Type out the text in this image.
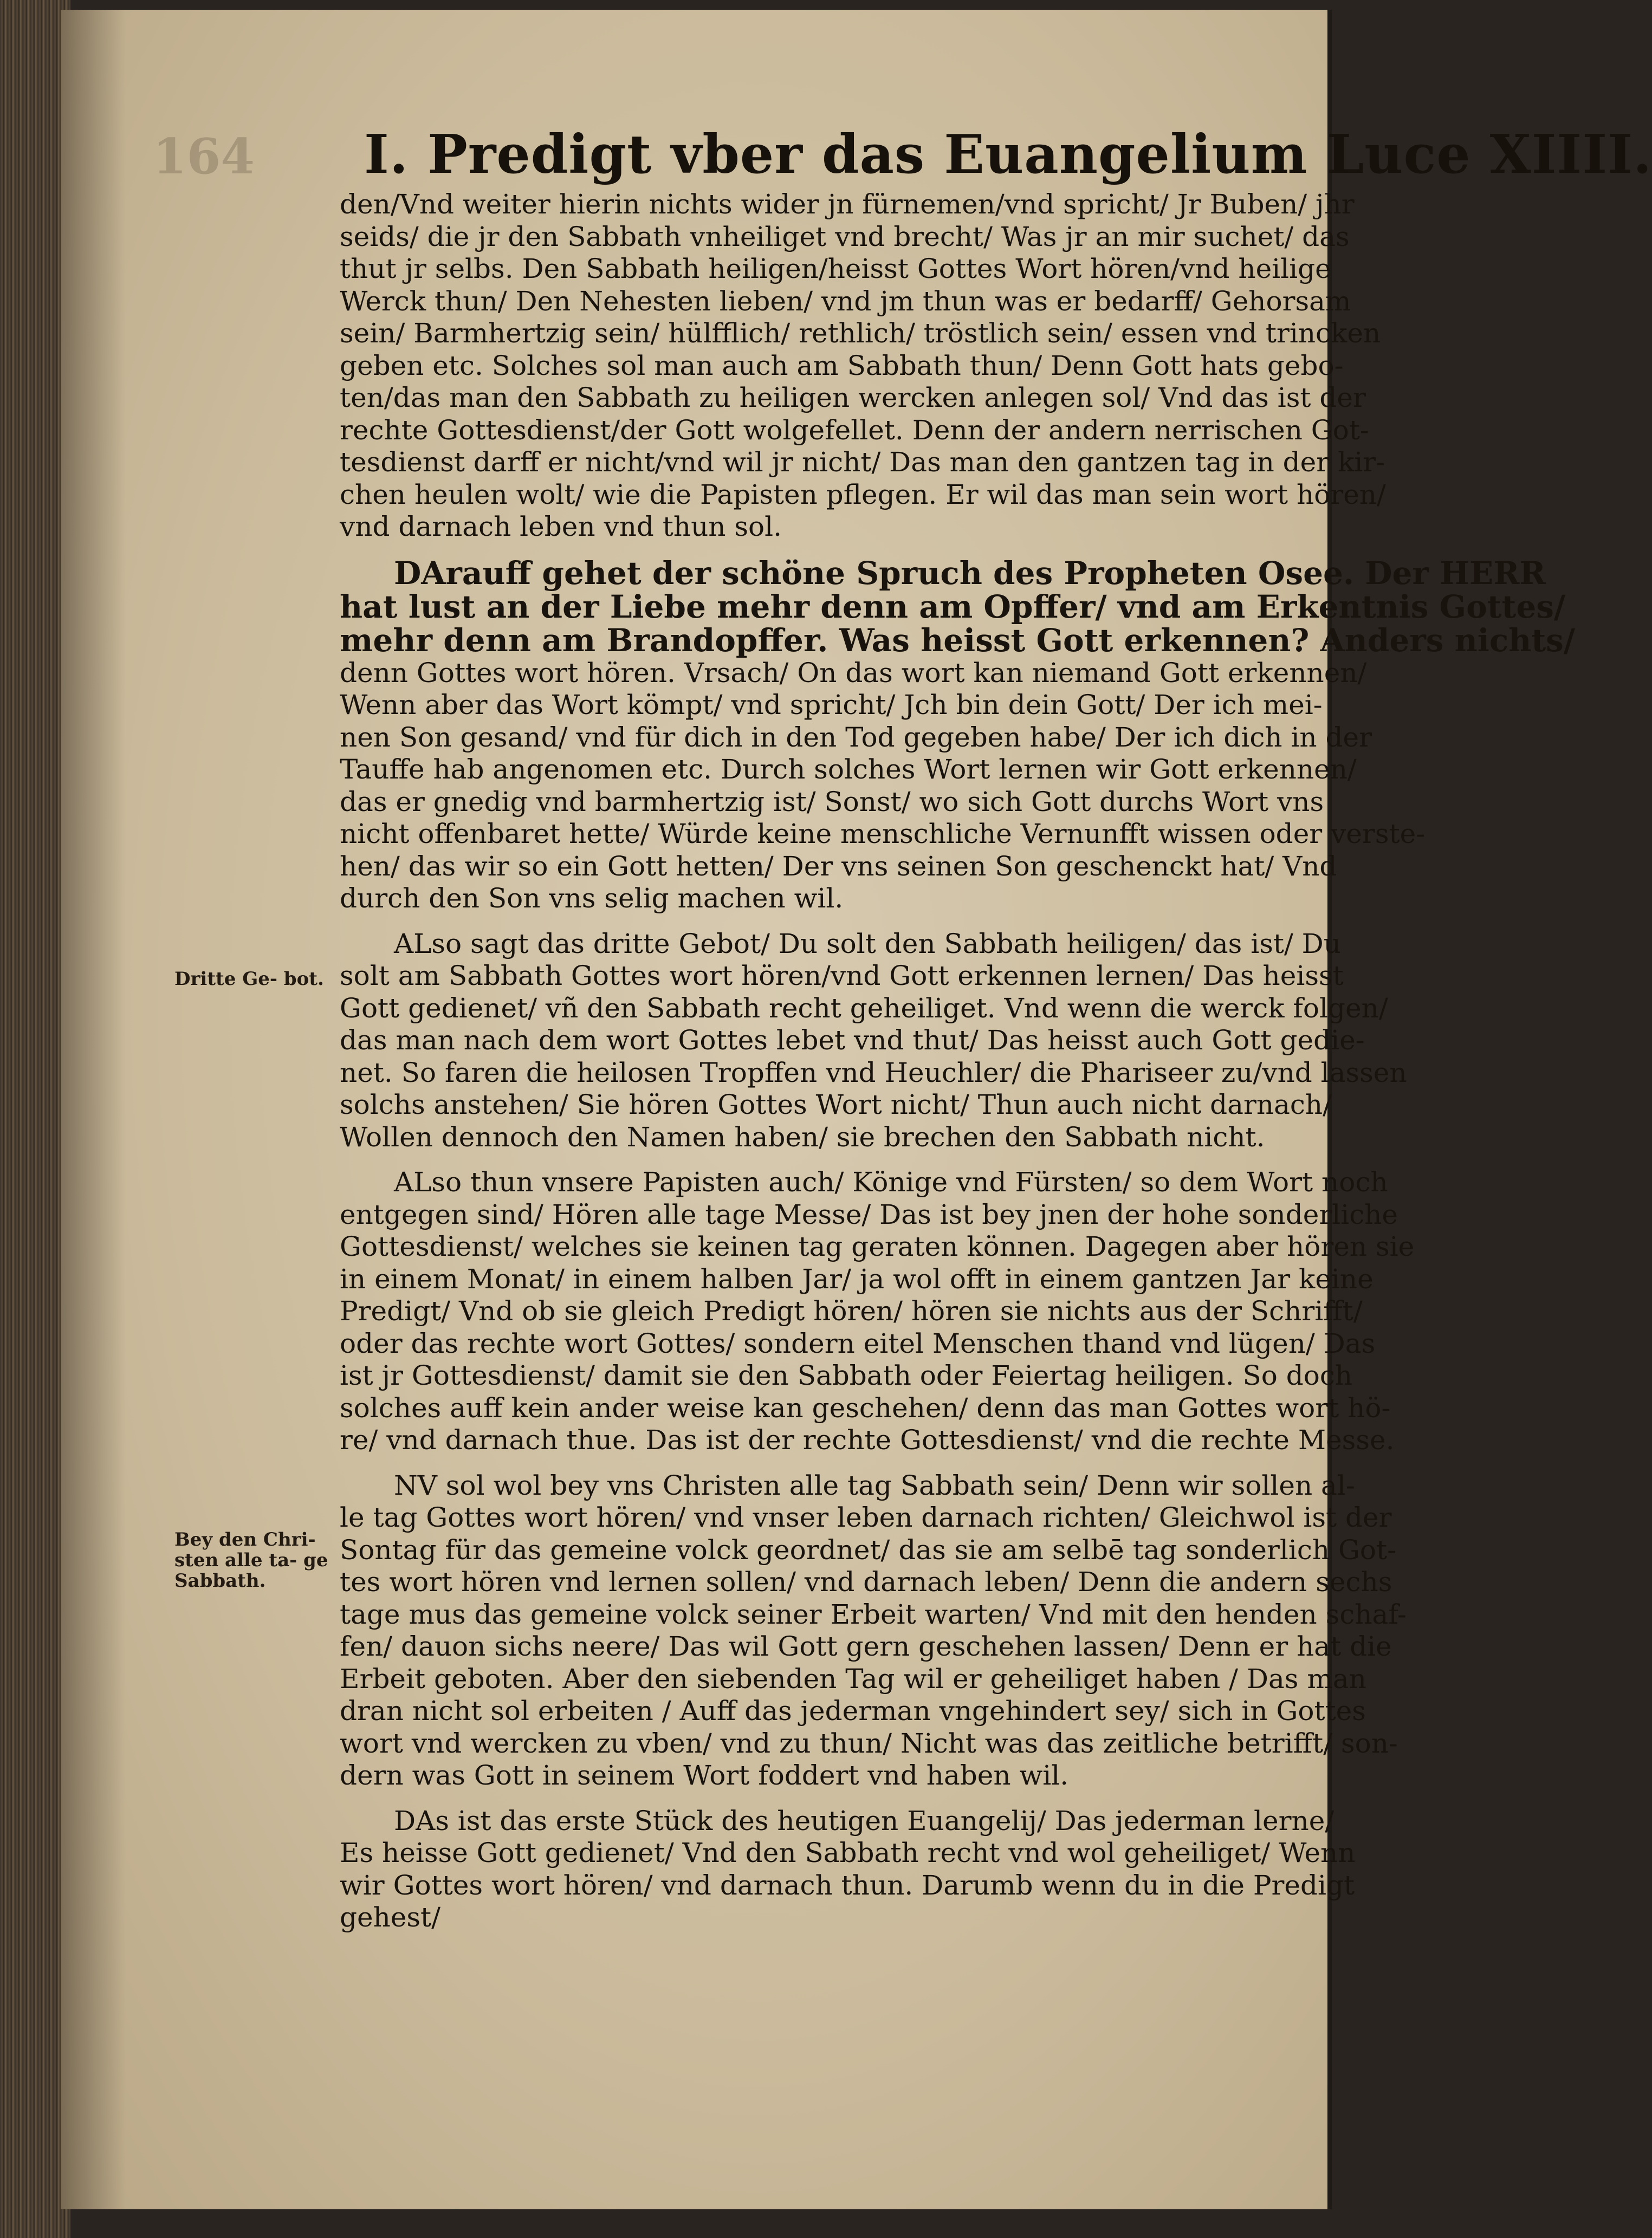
164 I. Predigt vber das Euangelium Luce XIIII.
Dritte Ge- bot.
Bey den Chri- sten alle ta- ge Sabbath.
den/Vnd weiter hierin nichts wider jn fürnemen/vnd spricht/ Jr Buben/ jhr
seids/ die jr den Sabbath vnheiliget vnd brecht/ Was jr an mir suchet/ das
thut jr selbs. Den Sabbath heiligen/heisst Gottes Wort hören/vnd heilige
Werck thun/ Den Nehesten lieben/ vnd jm thun was er bedarff/ Gehorsam
sein/ Barmhertzig sein/ hülfflich/ rethlich/ tröstlich sein/ essen vnd trincken
geben etc. Solches sol man auch am Sabbath thun/ Denn Gott hats gebo-
ten/das man den Sabbath zu heiligen wercken anlegen sol/ Vnd das ist der
rechte Gottesdienst/der Gott wolgefellet. Denn der andern nerrischen Got-
tesdienst darff er nicht/vnd wil jr nicht/ Das man den gantzen tag in der kir-
chen heulen wolt/ wie die Papisten pflegen. Er wil das man sein wort hören/
vnd darnach leben vnd thun sol.
DArauff gehet der schöne Spruch des Propheten Osee. Der HERR
hat lust an der Liebe mehr denn am Opffer/ vnd am Erkentnis Gottes/
mehr denn am Brandopffer. Was heisst Gott erkennen? Anders nichts/
denn Gottes wort hören. Vrsach/ On das wort kan niemand Gott erkennen/
Wenn aber das Wort kömpt/ vnd spricht/ Jch bin dein Gott/ Der ich mei-
nen Son gesand/ vnd für dich in den Tod gegeben habe/ Der ich dich in der
Tauffe hab angenomen etc. Durch solches Wort lernen wir Gott erkennen/
das er gnedig vnd barmhertzig ist/ Sonst/ wo sich Gott durchs Wort vns
nicht offenbaret hette/ Würde keine menschliche Vernunfft wissen oder verste-
hen/ das wir so ein Gott hetten/ Der vns seinen Son geschenckt hat/ Vnd
durch den Son vns selig machen wil.
ALso sagt das dritte Gebot/ Du solt den Sabbath heiligen/ das ist/ Du
solt am Sabbath Gottes wort hören/vnd Gott erkennen lernen/ Das heisst
Gott gedienet/ vñ den Sabbath recht geheiliget. Vnd wenn die werck folgen/
das man nach dem wort Gottes lebet vnd thut/ Das heisst auch Gott gedie-
net. So faren die heilosen Tropffen vnd Heuchler/ die Phariseer zu/vnd lassen
solchs anstehen/ Sie hören Gottes Wort nicht/ Thun auch nicht darnach/
Wollen dennoch den Namen haben/ sie brechen den Sabbath nicht.
ALso thun vnsere Papisten auch/ Könige vnd Fürsten/ so dem Wort noch
entgegen sind/ Hören alle tage Messe/ Das ist bey jnen der hohe sonderliche
Gottesdienst/ welches sie keinen tag geraten können. Dagegen aber hören sie
in einem Monat/ in einem halben Jar/ ja wol offt in einem gantzen Jar keine
Predigt/ Vnd ob sie gleich Predigt hören/ hören sie nichts aus der Schrifft/
oder das rechte wort Gottes/ sondern eitel Menschen thand vnd lügen/ Das
ist jr Gottesdienst/ damit sie den Sabbath oder Feiertag heiligen. So doch
solches auff kein ander weise kan geschehen/ denn das man Gottes wort hö-
re/ vnd darnach thue. Das ist der rechte Gottesdienst/ vnd die rechte Messe.
NV sol wol bey vns Christen alle tag Sabbath sein/ Denn wir sollen al-
le tag Gottes wort hören/ vnd vnser leben darnach richten/ Gleichwol ist der
Sontag für das gemeine volck geordnet/ das sie am selbē tag sonderlich Got-
tes wort hören vnd lernen sollen/ vnd darnach leben/ Denn die andern sechs
tage mus das gemeine volck seiner Erbeit warten/ Vnd mit den henden schaf-
fen/ dauon sichs neere/ Das wil Gott gern geschehen lassen/ Denn er hat die
Erbeit geboten. Aber den siebenden Tag wil er geheiliget haben / Das man
dran nicht sol erbeiten / Auff das jederman vngehindert sey/ sich in Gottes
wort vnd wercken zu vben/ vnd zu thun/ Nicht was das zeitliche betrifft/ son-
dern was Gott in seinem Wort foddert vnd haben wil.
DAs ist das erste Stück des heutigen Euangelij/ Das jederman lerne/
Es heisse Gott gedienet/ Vnd den Sabbath recht vnd wol geheiliget/ Wenn
wir Gottes wort hören/ vnd darnach thun. Darumb wenn du in die Predigt
gehest/
